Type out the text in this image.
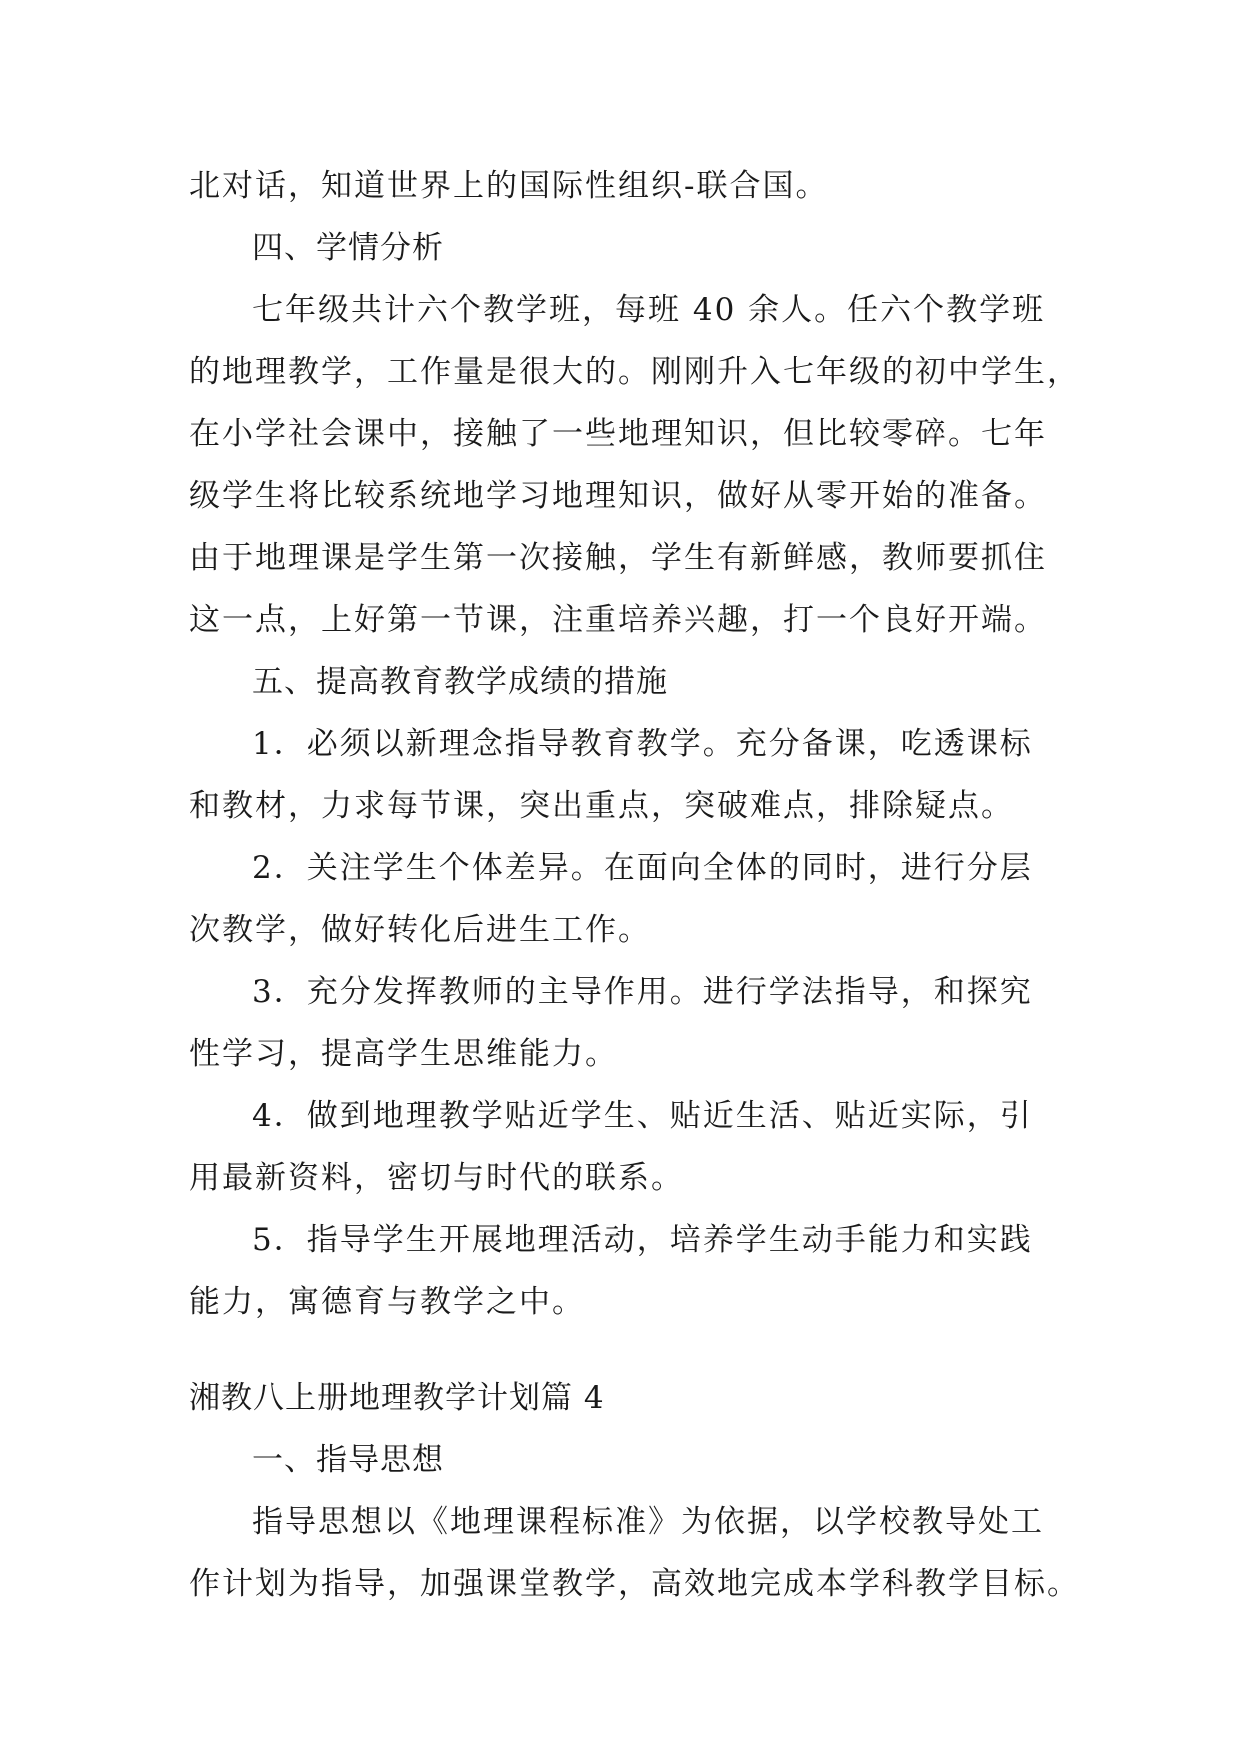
北对话，知道世界上的国际性组织-联合国。
四、学情分析
七年级共计六个教学班，每班 40 余人。任六个教学班
的地理教学，工作量是很大的。刚刚升入七年级的初中学生，
在小学社会课中，接触了一些地理知识，但比较零碎。七年
级学生将比较系统地学习地理知识，做好从零开始的准备。
由于地理课是学生第一次接触，学生有新鲜感，教师要抓住
这一点，上好第一节课，注重培养兴趣，打一个良好开端。
五、提高教育教学成绩的措施
1．必须以新理念指导教育教学。充分备课，吃透课标
和教材，力求每节课，突出重点，突破难点，排除疑点。
2．关注学生个体差异。在面向全体的同时，进行分层
次教学，做好转化后进生工作。
3．充分发挥教师的主导作用。进行学法指导，和探究
性学习，提高学生思维能力。
4．做到地理教学贴近学生、贴近生活、贴近实际，引
用最新资料，密切与时代的联系。
5．指导学生开展地理活动，培养学生动手能力和实践
能力，寓德育与教学之中。
湘教八上册地理教学计划篇 4
一、指导思想
指导思想以《地理课程标准》为依据，以学校教导处工
作计划为指导，加强课堂教学，高效地完成本学科教学目标。
